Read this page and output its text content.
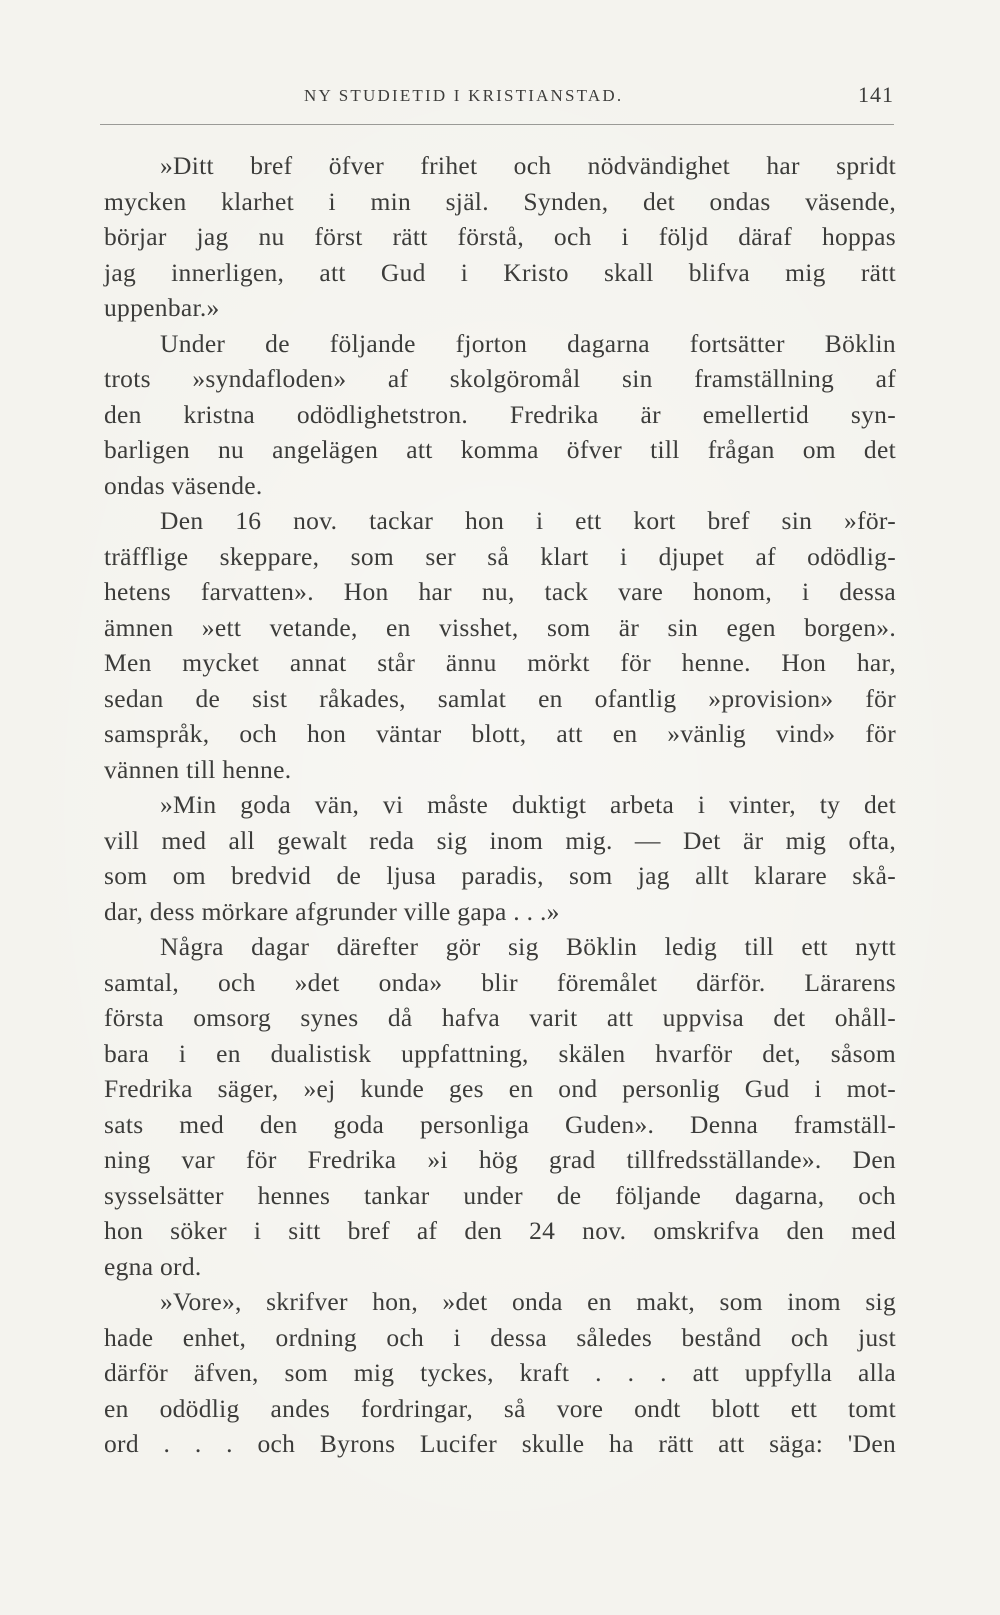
NY STUDIETID I KRISTIANSTAD.	141
»Ditt bref öfver frihet och nödvändighet har spridt
mycken klarhet i min själ. Synden, det ondas väsende,
börjar jag nu först rätt förstå, och i följd däraf hoppas
jag innerligen, att Gud i Kristo skall blifva mig rätt
uppenbar.»
Under de följande fjorton dagarna fortsätter Böklin
trots »syndafloden» af skolgöromål sin framställning af
den kristna odödlighetstron. Fredrika är emellertid syn-
barligen nu angelägen att komma öfver till frågan om det
ondas väsende.
Den 16 nov. tackar hon i ett kort bref sin »för-
träfflige skeppare, som ser så klart i djupet af odödlig-
hetens farvatten». Hon har nu, tack vare honom, i dessa
ämnen »ett vetande, en visshet, som är sin egen borgen».
Men mycket annat står ännu mörkt för henne. Hon har,
sedan de sist råkades, samlat en ofantlig »provision» för
samspråk, och hon väntar blott, att en »vänlig vind» för
vännen till henne.
»Min goda vän, vi måste duktigt arbeta i vinter, ty det
vill med all gewalt reda sig inom mig. — Det är mig ofta,
som om bredvid de ljusa paradis, som jag allt klarare skå-
dar, dess mörkare afgrunder ville gapa . . .»
Några dagar därefter gör sig Böklin ledig till ett nytt
samtal, och »det onda» blir föremålet därför. Lärarens
första omsorg synes då hafva varit att uppvisa det ohåll-
bara i en dualistisk uppfattning, skälen hvarför det, såsom
Fredrika säger, »ej kunde ges en ond personlig Gud i mot-
sats med den goda personliga Guden». Denna framställ-
ning var för Fredrika »i hög grad tillfredsställande». Den
sysselsätter hennes tankar under de följande dagarna, och
hon söker i sitt bref af den 24 nov. omskrifva den med
egna ord.
»Vore», skrifver hon, »det onda en makt, som inom sig
hade enhet, ordning och i dessa således bestånd och just
därför äfven, som mig tyckes, kraft . . . att uppfylla alla
en odödlig andes fordringar, så vore ondt blott ett tomt
ord . . . och Byrons Lucifer skulle ha rätt att säga: 'Den
